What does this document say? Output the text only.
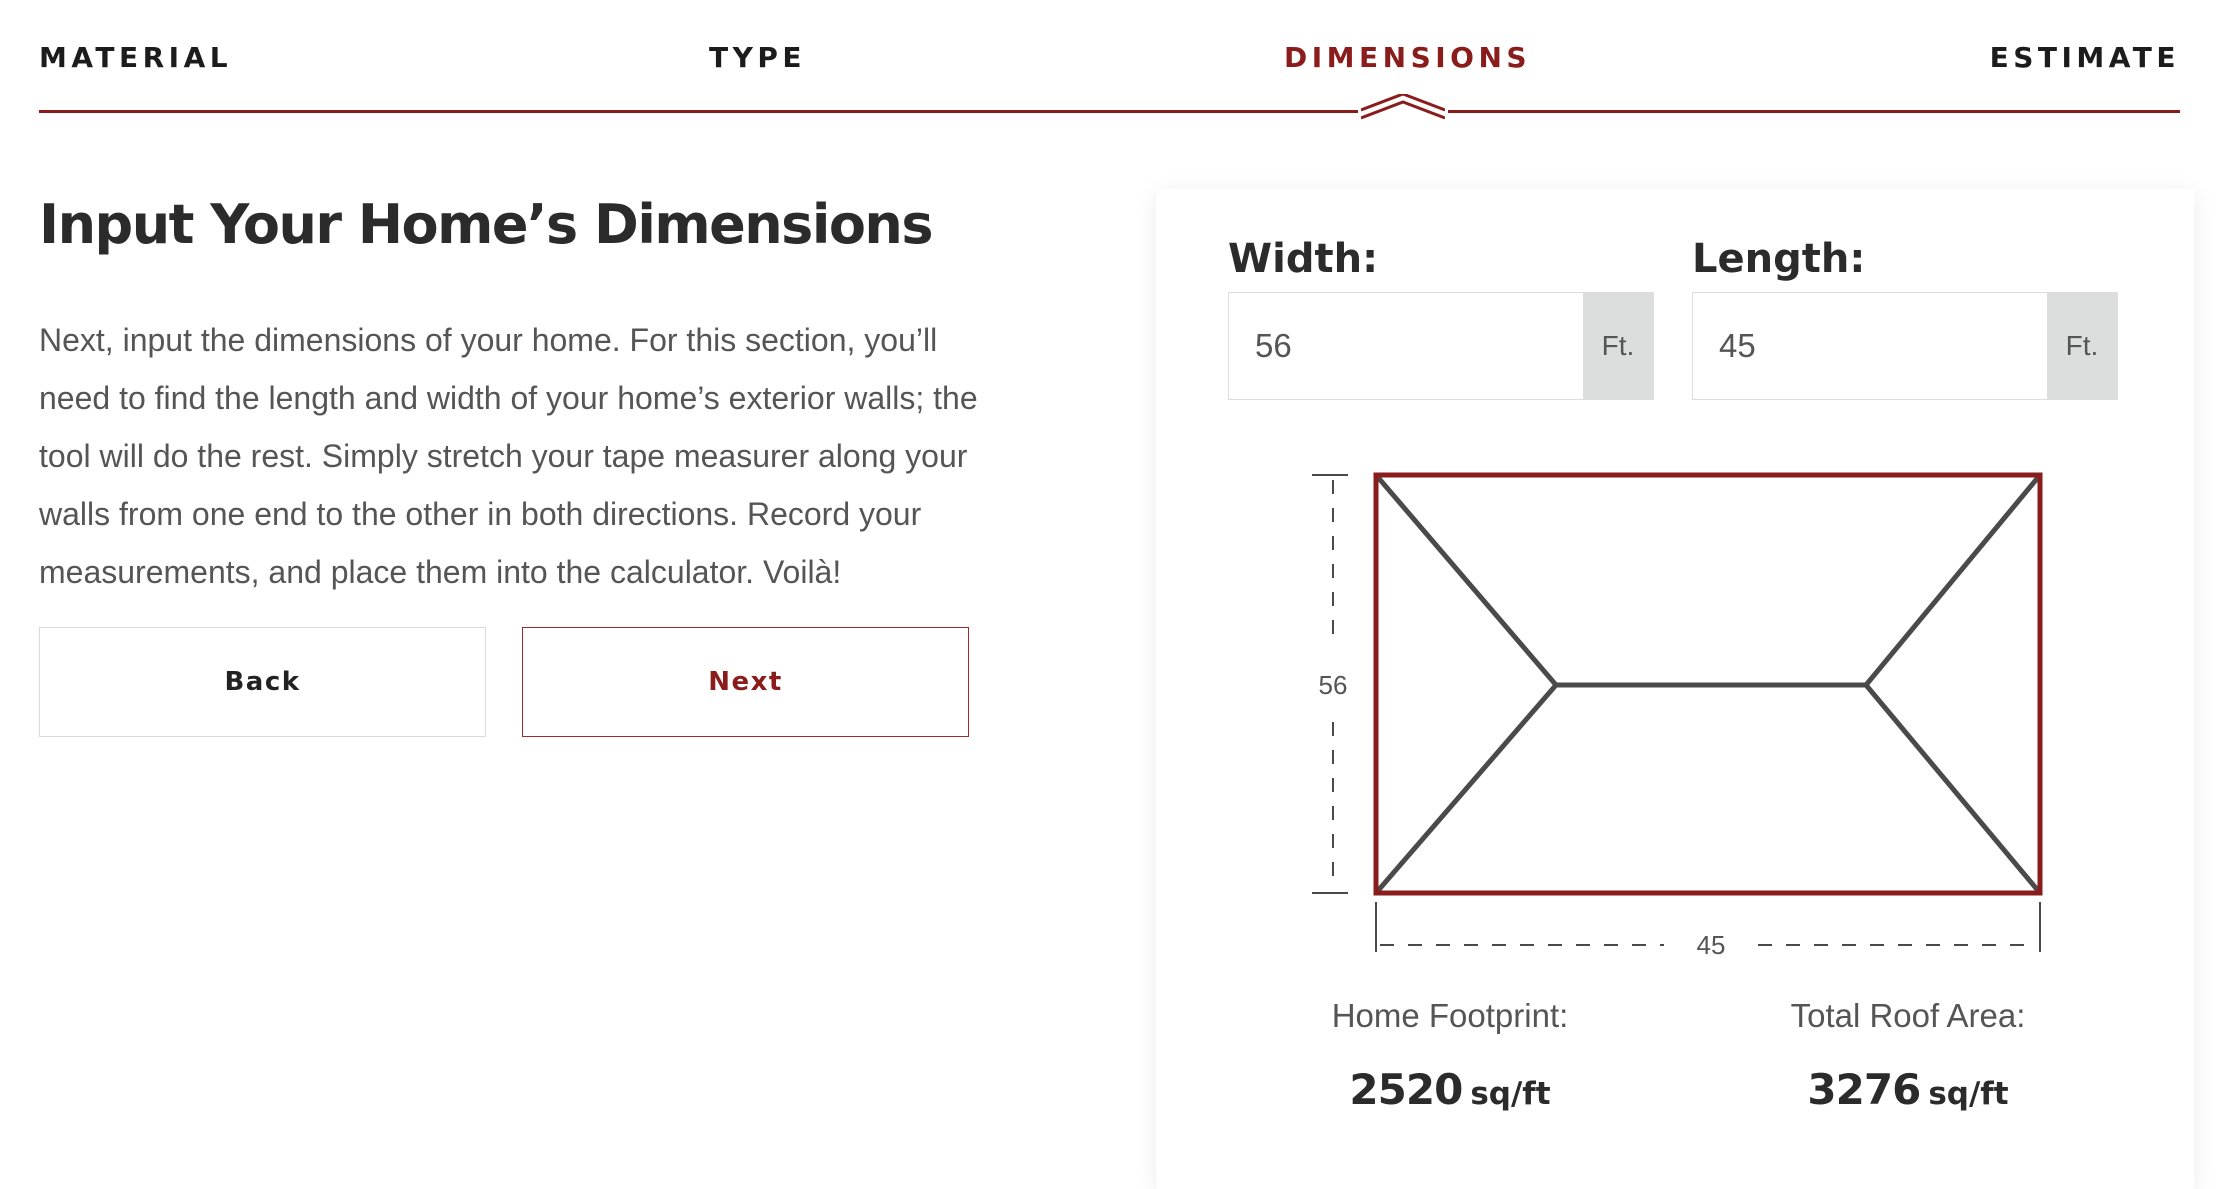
MATERIAL	TYPE	DIMENSIONS	ESTIMATE
Input Your Home’s Dimensions

Next, input the dimensions of your home. For this section, you’ll need to find the length and width of your home’s exterior walls; the tool will do the rest. Simply stretch your tape measurer along your walls from one end to the other in both directions. Record your measurements, and place them into the calculator. Voilà!

Back	Next
Width:
56
Ft.
Length:
45
Ft.
56
45
Home Footprint:
2520 sq/ft
Total Roof Area:
3276 sq/ft
